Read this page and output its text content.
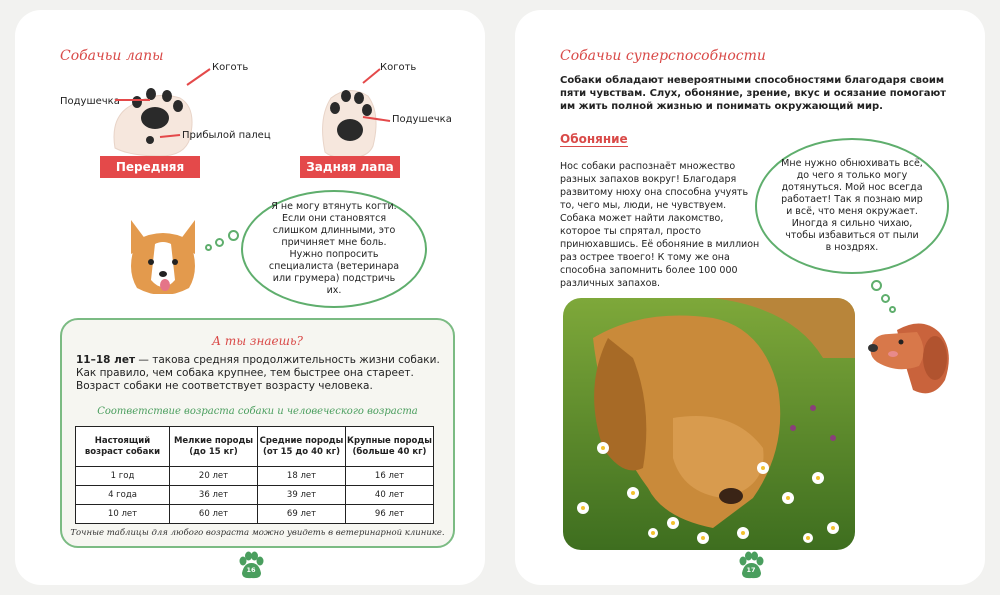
Собачьи лапы
Коготь
Подушечка
Прибылой палец
Передняя лапа
Коготь
Подушечка
Задняя лапа
Я не могу втянуть когти. Если они становятся слишком длинными, это причиняет мне боль. Нужно попросить специалиста (ветеринара или грумера) подстричь их.
А ты знаешь?
11–18 лет — такова средняя продолжительность жизни собаки. Как правило, чем собака крупнее, тем быстрее она стареет. Возраст собаки не соответствует возрасту человека.
Соответствие возраста собаки и человеческого возраста
Настоящий возраст собаки	Мелкие породы (до 15 кг)	Средние породы (от 15 до 40 кг)	Крупные породы (больше 40 кг)
1 год	20 лет	18 лет	16 лет
4 года	36 лет	39 лет	40 лет
10 лет	60 лет	69 лет	96 лет
Точные таблицы для любого возраста можно увидеть в ветеринарной клинике.
16
Собачьи суперспособности
Собаки обладают невероятными способностями благодаря своим пяти чувствам. Слух, обоняние, зрение, вкус и осязание помогают им жить полной жизнью и понимать окружающий мир.
Обоняние
Нос собаки распознаёт множество разных запахов вокруг! Благодаря развитому нюху она способна учуять то, чего мы, люди, не чувствуем. Собака может найти лакомство, которое ты спрятал, просто принюхавшись. Её обоняние в миллион раз острее твоего! К тому же она способна запомнить более 100 000 различных запахов.
Мне нужно обнюхивать всё, до чего я только могу дотянуться. Мой нос всегда работает! Так я познаю мир и всё, что меня окружает. Иногда я сильно чихаю, чтобы избавиться от пыли в ноздрях.
17
